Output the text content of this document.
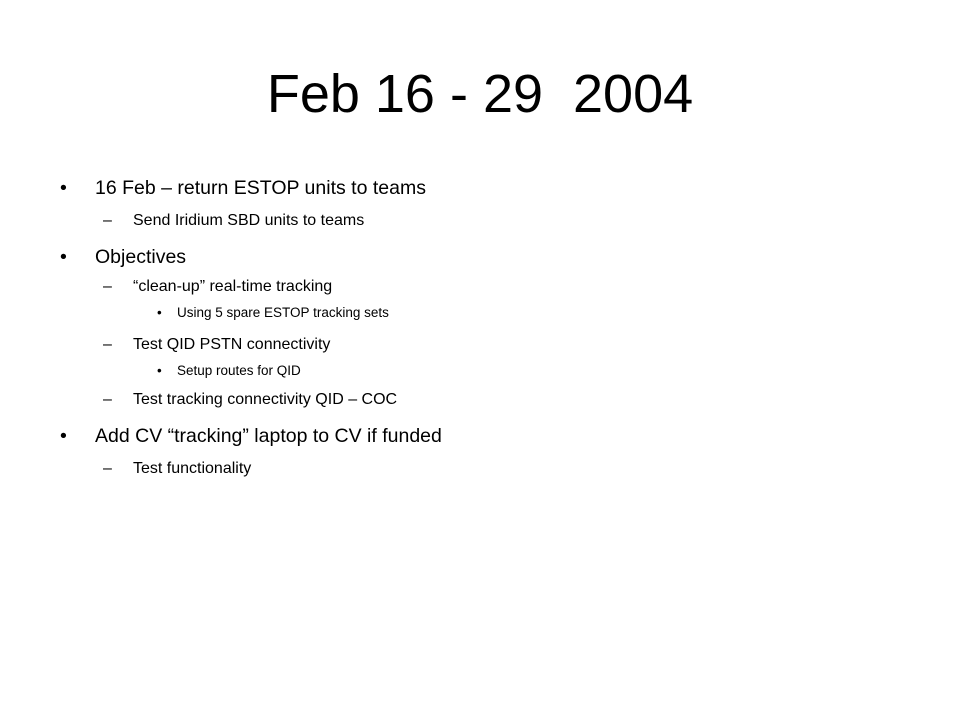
Feb 16 - 29  2004
• 16 Feb – return ESTOP units to teams
– Send Iridium SBD units to teams
• Objectives
– “clean-up” real-time tracking
• Using 5 spare ESTOP tracking sets
– Test QID PSTN connectivity
• Setup routes for QID
– Test tracking connectivity QID – COC
• Add CV “tracking” laptop to CV if funded
– Test functionality
